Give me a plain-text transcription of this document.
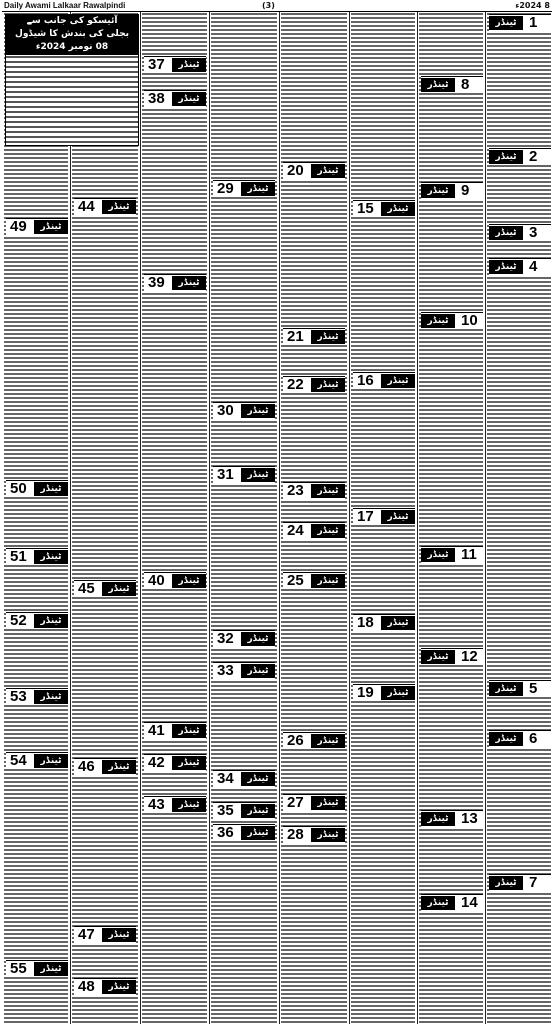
Daily Awami Lalkaar Rawalpindi	(3)	8 2024ء
آئیسکو کی جانب سے
بجلی کی بندش کا شیڈول
08 نومبر 2024ء
ٹینڈر 1
ٹینڈر 2
ٹینڈر 3
ٹینڈر 4
ٹینڈر 5
ٹینڈر 6
ٹینڈر 7
ٹینڈر 8
ٹینڈر 9
ٹینڈر 10
ٹینڈر 11
ٹینڈر 12
ٹینڈر 13
ٹینڈر 14
ٹینڈر
15
ٹینڈر
16
ٹینڈر
17
ٹینڈر
18
ٹینڈر
19
ٹینڈر
20
ٹینڈر
21
ٹینڈر
22
ٹینڈر
23
ٹینڈر
24
ٹینڈر
25
ٹینڈر
26
ٹینڈر
27
ٹینڈر
28
ٹینڈر
29
ٹینڈر
30
ٹینڈر
31
ٹینڈر
32
ٹینڈر
33
ٹینڈر
34
ٹینڈر
35
ٹینڈر
36
ٹینڈر
37
ٹینڈر
38
ٹینڈر
39
ٹینڈر
40
ٹینڈر
41
ٹینڈر
42
ٹینڈر
43
ٹینڈر
44
ٹینڈر
45
ٹینڈر
46
ٹینڈر
47
ٹینڈر
48
ٹینڈر
49
ٹینڈر
50
ٹینڈر
51
ٹینڈر
52
ٹینڈر
53
ٹینڈر
54
ٹینڈر
55
